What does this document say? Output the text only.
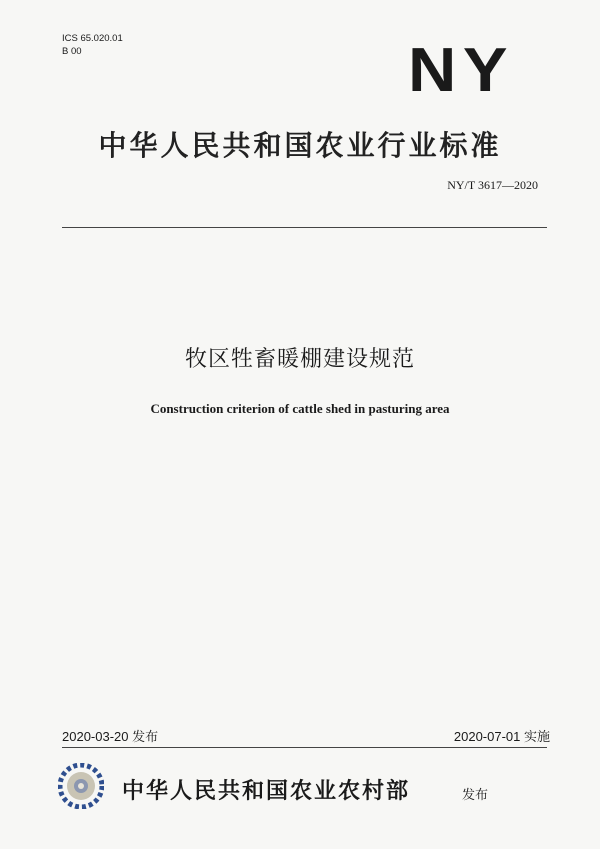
ICS 65.020.01
B 00	NY
中华人民共和国农业行业标准
NY/T 3617—2020
牧区牲畜暖棚建设规范
Construction criterion of cattle shed in pasturing area
2020-03-20 发布	2020-07-01 实施
中华人民共和国农业农村部	发布
